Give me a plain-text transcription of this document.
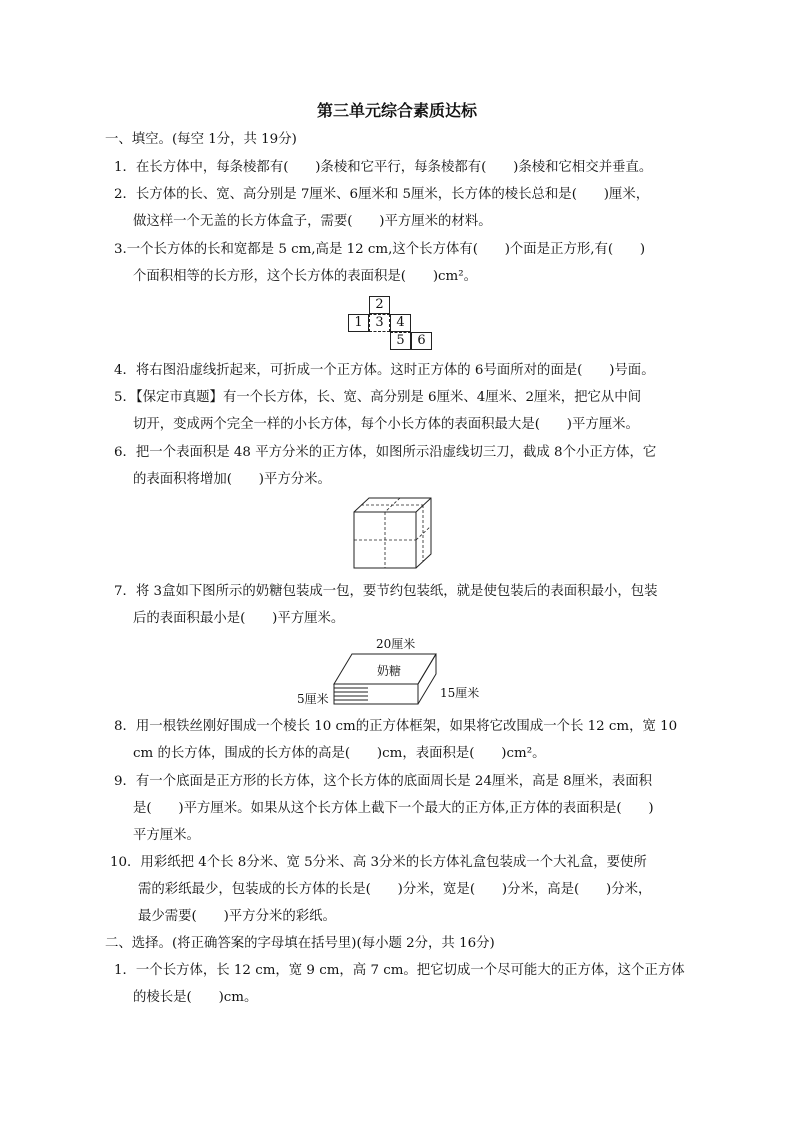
第三单元综合素质达标
一、填空。(每空 1分，共 19分)
1．在长方体中，每条棱都有(　　)条棱和它平行，每条棱都有(　　)条棱和它相交并垂直。
2．长方体的长、宽、高分别是 7厘米、6厘米和 5厘米，长方体的棱长总和是(　　)厘米，
做这样一个无盖的长方体盒子，需要(　　)平方厘米的材料。
3.一个长方体的长和宽都是 5 cm,高是 12 cm,这个长方体有(　　)个面是正方形,有(　　)
个面积相等的长方形，这个长方体的表面积是(　　)cm²。
2
1 3 4
5 6
4．将右图沿虚线折起来，可折成一个正方体。这时正方体的 6号面所对的面是(　　)号面。
5．【保定市真题】有一个长方体，长、宽、高分别是 6厘米、4厘米、2厘米，把它从中间
切开，变成两个完全一样的小长方体，每个小长方体的表面积最大是(　　)平方厘米。
6．把一个表面积是 48 平方分米的正方体，如图所示沿虚线切三刀，截成 8个小正方体，它
的表面积将增加(　　)平方分米。
7．将 3盒如下图所示的奶糖包装成一包，要节约包装纸，就是使包装后的表面积最小，包装
后的表面积最小是(　　)平方厘米。
20厘米
奶糖
5厘米	15厘米
8．用一根铁丝刚好围成一个棱长 10 cm的正方体框架，如果将它改围成一个长 12 cm，宽 10
cm 的长方体，围成的长方体的高是(　　)cm，表面积是(　　)cm²。
9．有一个底面是正方形的长方体，这个长方体的底面周长是 24厘米，高是 8厘米，表面积
是(　　)平方厘米。如果从这个长方体上截下一个最大的正方体,正方体的表面积是(　　)
平方厘米。
10．用彩纸把 4个长 8分米、宽 5分米、高 3分米的长方体礼盒包装成一个大礼盒，要使所
需的彩纸最少，包装成的长方体的长是(　　)分米，宽是(　　)分米，高是(　　)分米，
最少需要(　　)平方分米的彩纸。
二、选择。(将正确答案的字母填在括号里)(每小题 2分，共 16分)
1．一个长方体，长 12 cm，宽 9 cm，高 7 cm。把它切成一个尽可能大的正方体，这个正方体
的棱长是(　　)cm。
